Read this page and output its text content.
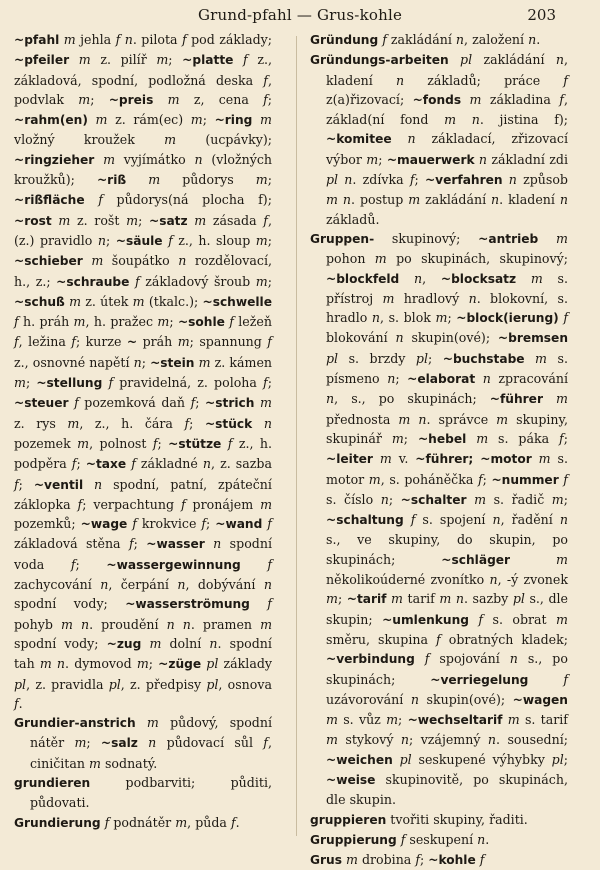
Grund-pfahl — Grus-kohle	203

~pfahl m jehla f n. pilota f pod základy; ~pfeiler m z. pilíř m; ~platte f z., základová, spodní, podložná deska f, podvlak m; ~preis m z, cena f; ~rahm(en) m z. rám(ec) m; ~ring m vložný kroužek m (ucpávky); ~ringzieher m vyjímátko n (vložných kroužků); ~riß m půdorys m; ~rißfläche f půdorys(ná plocha f); ~rost m z. rošt m; ~satz m zásada f, (z.) pravidlo n; ~säule f z., h. sloup m; ~schieber m šoupátko n rozdělovací, h., z.; ~schraube f základový šroub m; ~schuß m z. útek m (tkalc.); ~schwelle f h. práh m, h. pražec m; ~sohle f ležeň f, ležina f; kurze ~ práh m; spannung f z., osnovné napětí n; ~stein m z. kámen m; ~stellung f pravidelná, z. poloha f; ~steuer f pozemková daň f; ~strich m z. rys m, z., h. čára f; ~stück n pozemek m, polnost f; ~stütze f z., h. podpěra f; ~taxe f základné n, z. sazba f; ~ventil n spodní, patní, zpáteční záklopka f; verpachtung f pronájem m pozemků; ~wage f krokvice f; ~wand f základová stěna f; ~wasser n spodní voda f; ~wassergewinnung f zachycování n, čerpání n, dobývání n spodní vody; ~wasserströmung f pohyb m n. proudění n n. pramen m spodní vody; ~zug m dolní n. spodní tah m n. dymovod m; ~züge pl základy pl, z. pravidla pl, z. předpisy pl, osnova f.

Grundier-anstrich m půdový, spodní nátěr m; ~salz n půdovací sůl f, ciničitan m sodnatý.

grundieren	podbarviti;	půditi, půdovati.

Grundierung f podnátěr m, půda f.

Gründung f zakládání n, založení n.

Gründungs-arbeiten pl zakládání n, kladení n základů; práce f z(a)řizovací; ~fonds m základina f, základ(ní fond m n. jistina f); ~komitee n základací, zřizovací výbor m; ~mauerwerk n základní zdi pl n. zdívka f; ~verfahren n způsob m n. postup m zakládání n. kladení n základů.

Gruppen- skupinový; ~antrieb m pohon m po skupinách, skupinový; ~blockfeld n, ~blocksatz m s. přístroj m hradlový n. blokovní, s. hradlo n, s. blok m; ~block(ierung) f blokování n skupin(ové); ~bremsen pl s. brzdy pl; ~buchstabe m s. písmeno n; ~elaborat n zpracování n, s., po skupinách; ~führer m přednosta m n. správce m skupiny, skupinář m; ~hebel m s. páka f; ~leiter m v. ~führer; ~motor m s. motor m, s. poháněčka f; ~nummer f s. číslo n; ~schalter m s. řadič m; ~schaltung f s. spojení n, řadění n s., ve skupiny, do skupin, po skupinách;	~schläger	m několikoúderné zvonítko n, -ý zvonek m; ~tarif m tarif m n. sazby pl s., dle skupin; ~umlenkung f s. obrat m směru, skupina f obratných kladek; ~verbindung f spojování n s., po skupinách;	~verriegelung	f uzávorování n skupin(ové); ~wagen m s. vůz m; ~wechseltarif m s. tarif m stykový n; vzájemný n. sousední; ~weichen pl seskupené výhybky pl; ~weise skupinovitě, po skupinách, dle skupin.

gruppieren tvořiti skupiny, řaditi.

Gruppierung f seskupení n.

Grus m drobina f; ~kohle f
